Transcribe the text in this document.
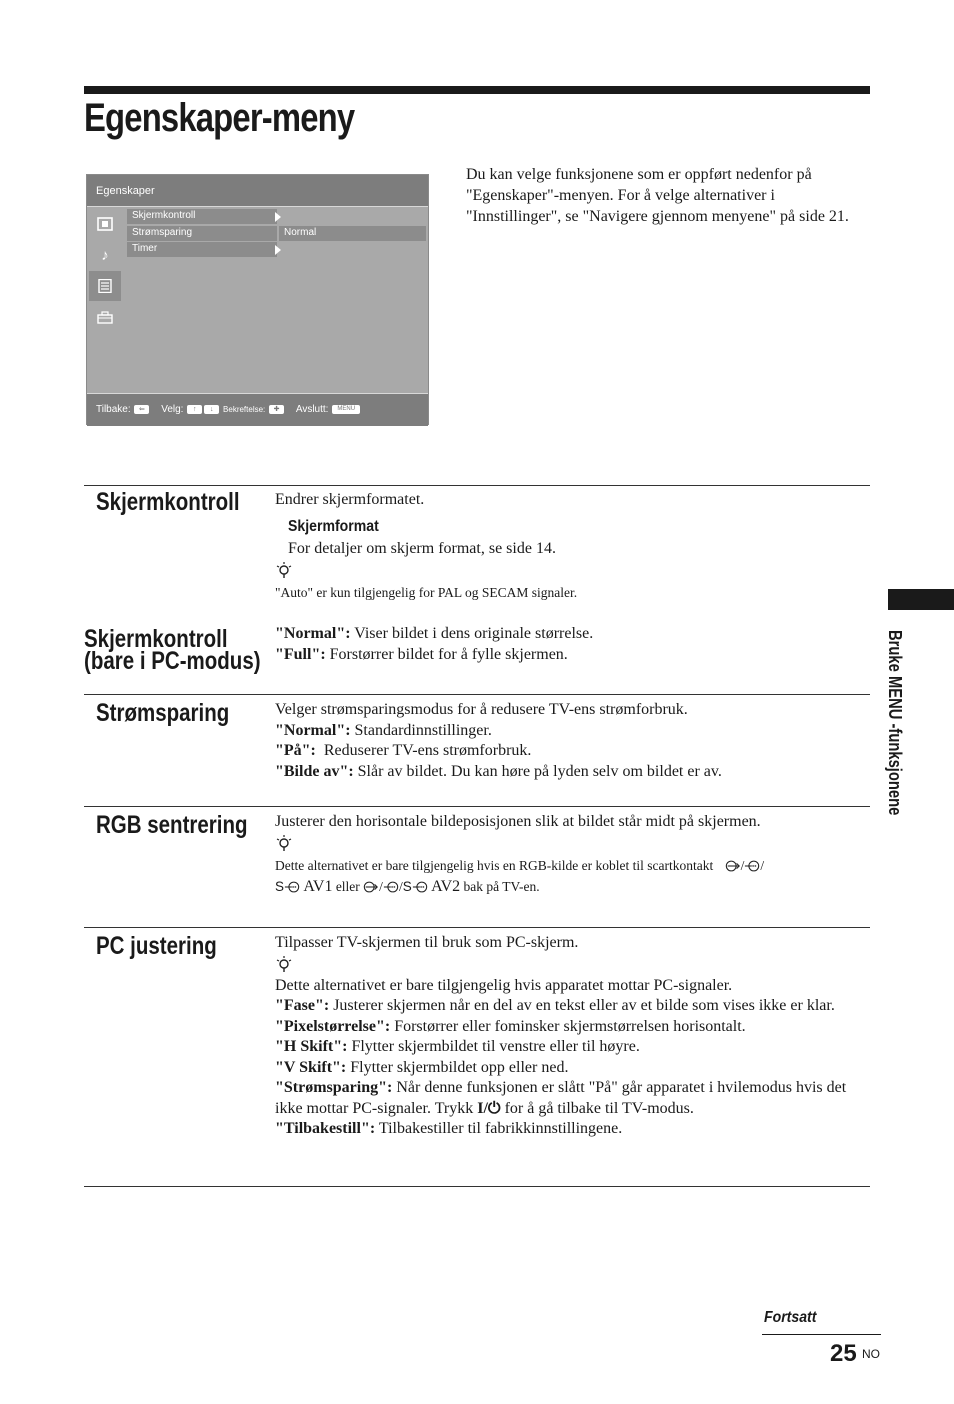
Egenskaper-meny
Egenskaper
♪
Skjermkontroll
Strømsparing	Normal
Timer
Tilbake: ⇐ Velg: ↑ ↓ Bekreftelse: ✚ Avslutt: MENU

Du kan velge funksjonene som er oppført nedenfor på "Egenskaper"-menyen. For å velge alternativer i "Innstillinger", se "Navigere gjennom menyene" på side 21.

Skjermkontroll Endrer skjermformatet.
Skjermformat
For detaljer om skjerm format, se side 14.
"Auto" er kun tilgjengelig for PAL og SECAM signaler.
Skjermkontroll
(bare i PC-modus)
"Normal": Viser bildet i dens originale størrelse.
"Full": Forstørrer bildet for å fylle skjermen.
Strømsparing	Velger strømsparingsmodus for å redusere TV-ens strømforbruk.
"Normal": Standardinnstillinger.
"På":  Reduserer TV-ens strømforbruk.
"Bilde av": Slår av bildet. Du kan høre på lyden selv om bildet er av.
RGB sentrering Justerer den horisontale bildeposisjonen slik at bildet står midt på skjermen.
Dette alternativet er bare tilgjengelig hvis en RGB-kilde er koblet til scartkontakt / /
S AV1 eller / /S AV2 bak på TV-en.
PC justering	Tilpasser TV-skjermen til bruk som PC-skjerm.
Dette alternativet er bare tilgjengelig hvis apparatet mottar PC-signaler.
"Fase": Justerer skjermen når en del av en tekst eller av et bilde som vises ikke er klar.
"Pixelstørrelse": Forstørrer eller fominsker skjermstørrelsen horisontalt.
"H Skift": Flytter skjermbildet til venstre eller til høyre.
"V Skift": Flytter skjermbildet opp eller ned.
"Strømsparing": Når denne funksjonen er slått "På" går apparatet i hvilemodus hvis det ikke mottar PC-signaler. Trykk I/⏻ for å gå tilbake til TV-modus.
"Tilbakestill": Tilbakestiller til fabrikkinnstillingene.
Bruke MENU -funksjonene
Fortsatt
25 NO
